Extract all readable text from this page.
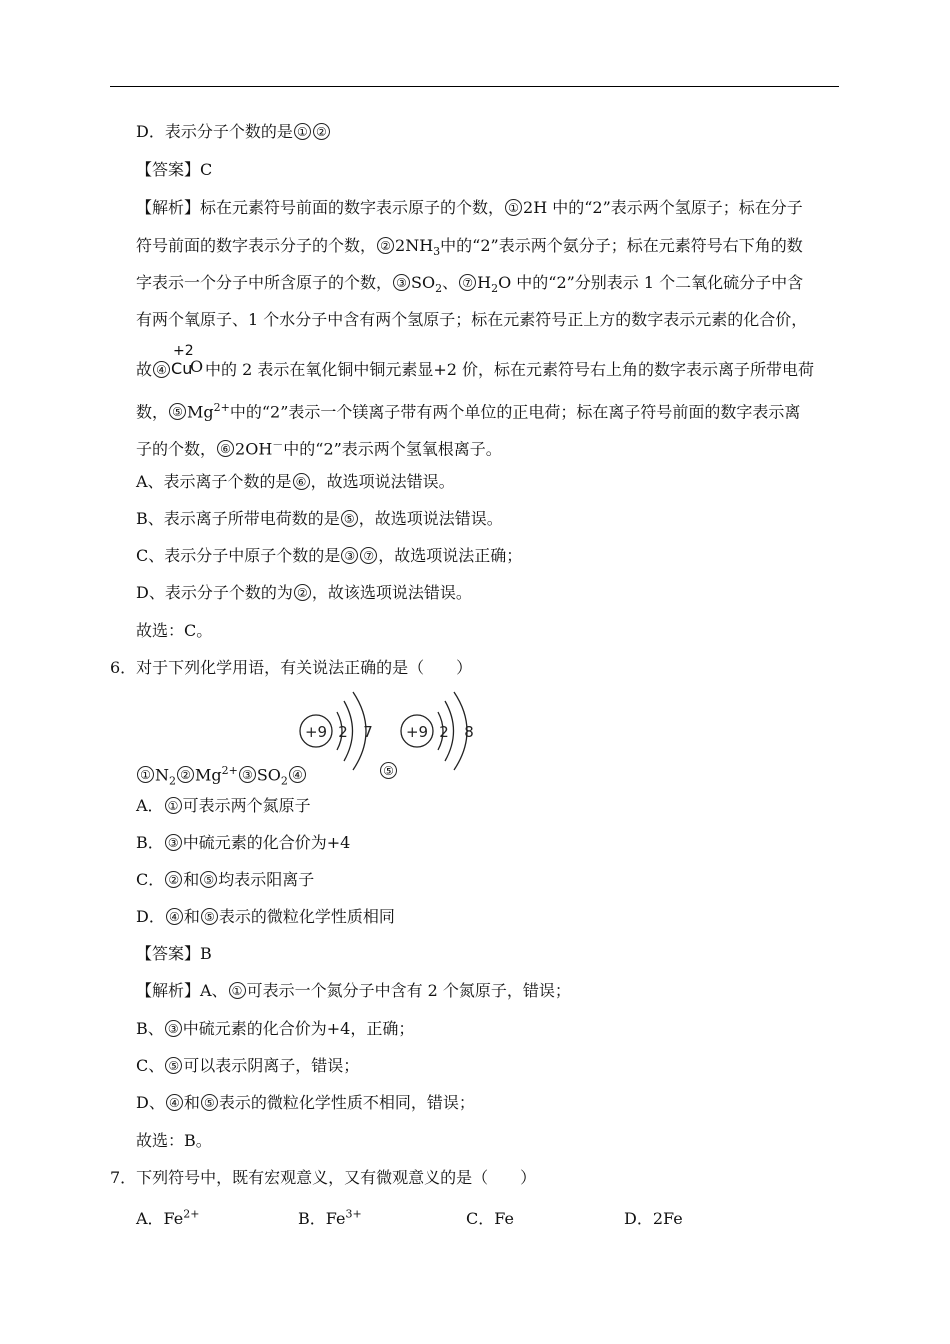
D．表示分子个数的是 ① ②
【答案】C
【解析】标在元素符号前面的数字表示原子的个数， ① 2H 中的“2”表示两个氢原子；标在分子
符号前面的数字表示分子的个数， ② $2NH_3$中的“2”表示两个氨分子；标在元素符号右下角的数
字表示一个分子中所含原子的个数， ③ $SO_2$、 ⑦ $H_2O$ 中的“2”分别表示 1 个二氧化硫分子中含
有两个氧原子、1 个水分子中含有两个氢原子；标在元素符号正上方的数字表示元素的化合价，
故 ④
+2
Cu
O 中的 2 表示在氧化铜中铜元素显+2 价，标在元素符号右上角的数字表示离子所带电荷
数， ⑤ $Mg^{2+}$中的“2”表示一个镁离子带有两个单位的正电荷；标在离子符号前面的数字表示离
子的个数， ⑥ 2OH－中的“2”表示两个氢氧根离子。
A、表示离子个数的是 ⑥ ，故选项说法错误。
B、表示离子所带电荷数的是 ⑤ ，故选项说法错误。
C、表示分子中原子个数的是 ③ ⑦ ，故选项说法正确；
D、表示分子个数的为 ② ，故该选项说法错误。
故选：C。
6．对于下列化学用语，有关说法正确的是（　　）
+9 2 7 +9 2 8
① $N_2$ ② $Mg^{2+}$ ③ $SO_2$ ④	⑤
A． ① 可表示两个氮原子
B． ③ 中硫元素的化合价为+4
C． ② 和 ⑤ 均表示阳离子
D． ④ 和 ⑤ 表示的微粒化学性质相同
【答案】B
【解析】A、 ① 可表示一个氮分子中含有 2 个氮原子，错误；
B、 ③ 中硫元素的化合价为+4，正确；
C、 ⑤ 可以表示阴离子，错误；
D、 ④ 和 ⑤ 表示的微粒化学性质不相同，错误；
故选：B。
7．下列符号中，既有宏观意义，又有微观意义的是（　　）
A．$Fe^{2+}$	B．$Fe^{3+}$	C．Fe	D．2Fe
